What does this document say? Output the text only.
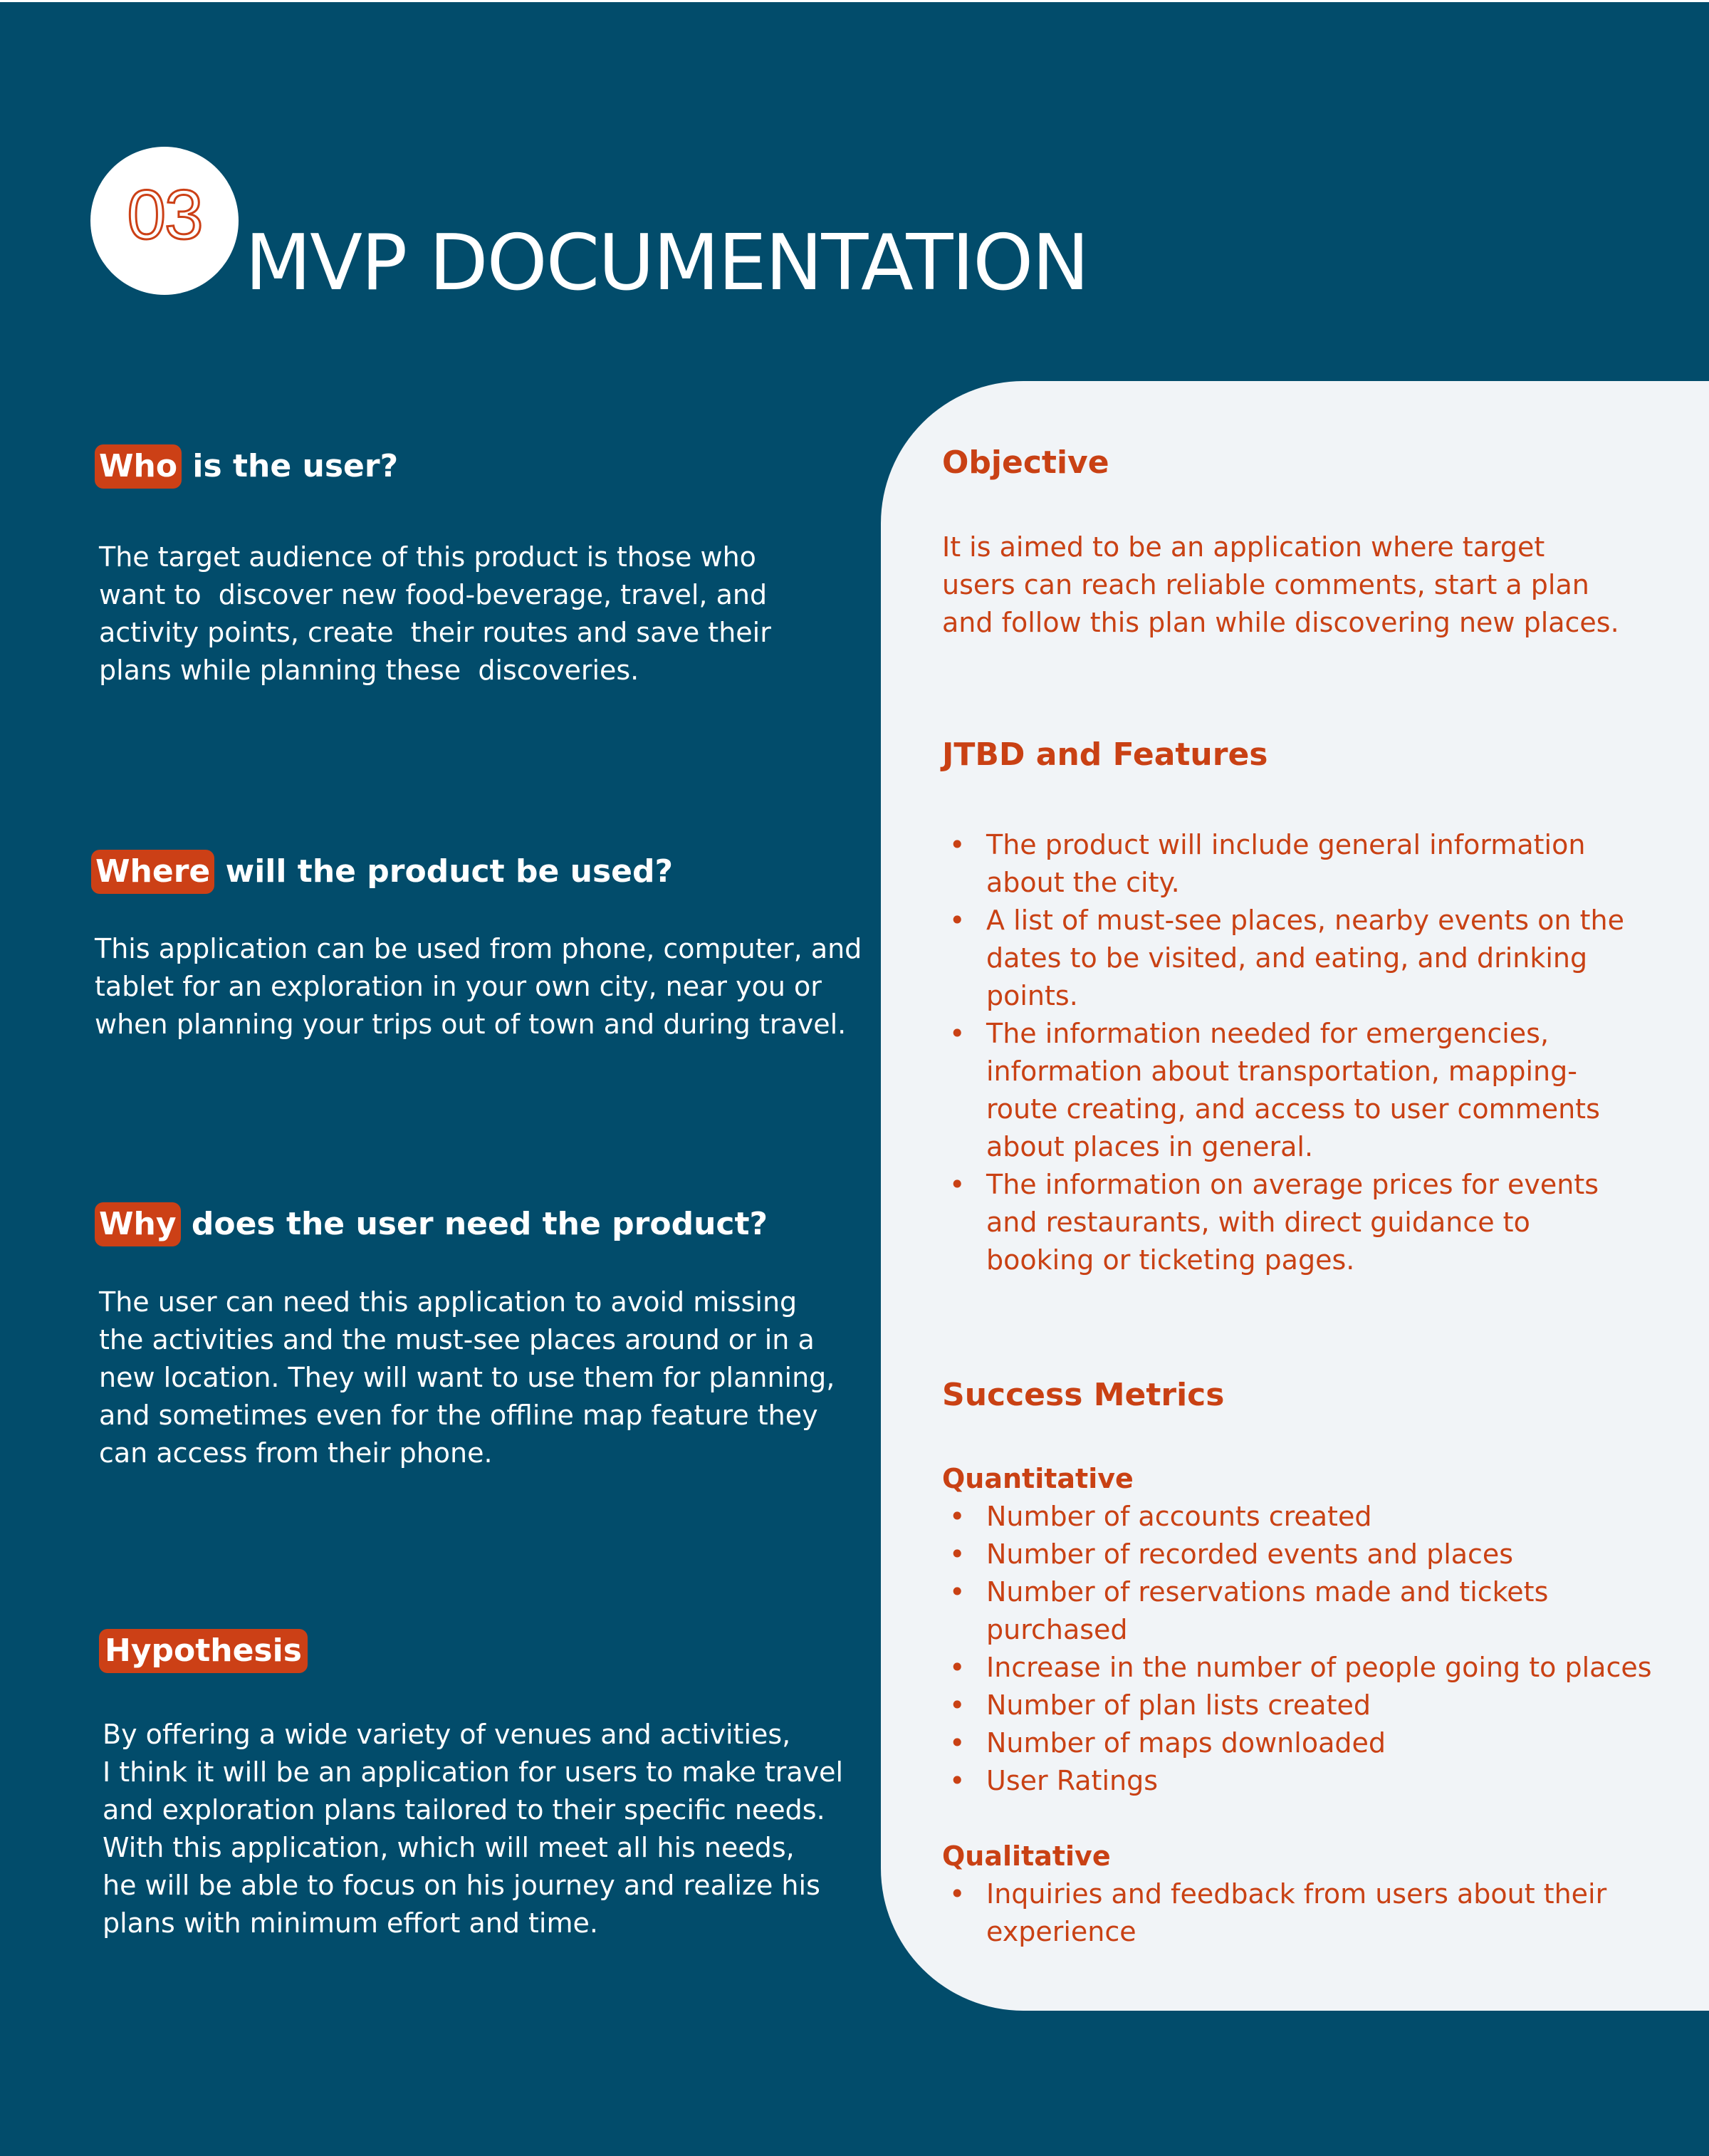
03
MVP DOCUMENTATION
Who is the user?
The target audience of this product is those who
want to  discover new food-beverage, travel, and
activity points, create  their routes and save their
plans while planning these  discoveries.
Where will the product be used?
This application can be used from phone, computer, and
tablet for an exploration in your own city, near you or
when planning your trips out of town and during travel.
Why does the user need the product?
The user can need this application to avoid missing
the activities and the must-see places around or in a
new location. They will want to use them for planning,
and sometimes even for the offline map feature they
can access from their phone.
Hypothesis
By offering a wide variety of venues and activities,
I think it will be an application for users to make travel
and exploration plans tailored to their specific needs.
With this application, which will meet all his needs,
he will be able to focus on his journey and realize his
plans with minimum effort and time.
Objective
It is aimed to be an application where target
users can reach reliable comments, start a plan
and follow this plan while discovering new places.
JTBD and Features
• The product will include general information
about the city.
• A list of must-see places, nearby events on the
dates to be visited, and eating, and drinking
points.
• The information needed for emergencies,
information about transportation, mapping-
route creating, and access to user comments
about places in general.
• The information on average prices for events
and restaurants, with direct guidance to
booking or ticketing pages.
Success Metrics
Quantitative
• Number of accounts created
• Number of recorded events and places
• Number of reservations made and tickets
purchased
• Increase in the number of people going to places
• Number of plan lists created
• Number of maps downloaded
• User Ratings
Qualitative
• Inquiries and feedback from users about their
experience
